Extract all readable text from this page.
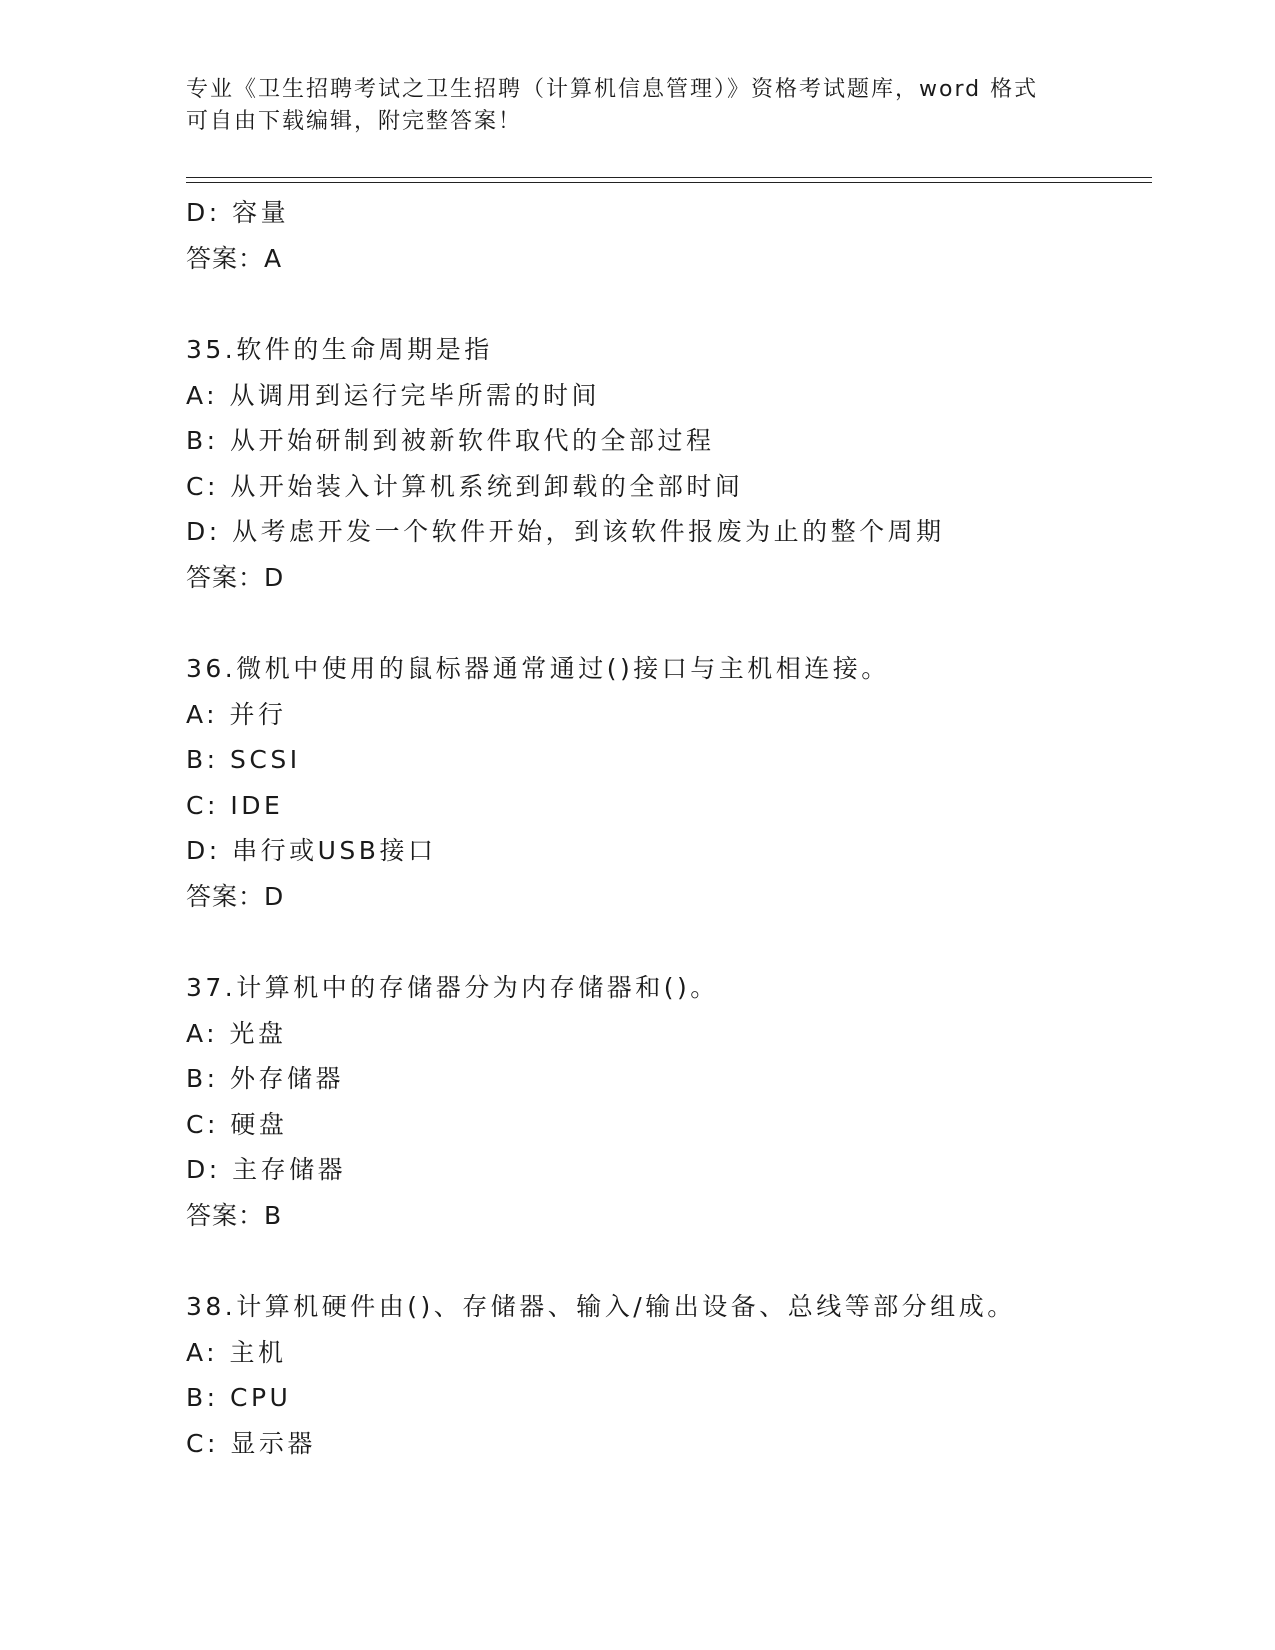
专业《卫生招聘考试之卫生招聘（计算机信息管理）》资格考试题库，word 格式
可自由下载编辑，附完整答案！
D: 容量
答案：A
35.软件的生命周期是指
A: 从调用到运行完毕所需的时间
B: 从开始研制到被新软件取代的全部过程
C: 从开始装入计算机系统到卸载的全部时间
D: 从考虑开发一个软件开始，到该软件报废为止的整个周期
答案：D
36.微机中使用的鼠标器通常通过()接口与主机相连接。
A: 并行
B: SCSI
C: IDE
D: 串行或USB接口
答案：D
37.计算机中的存储器分为内存储器和()。
A: 光盘
B: 外存储器
C: 硬盘
D: 主存储器
答案：B
38.计算机硬件由()、存储器、输入/输出设备、总线等部分组成。
A: 主机
B: CPU
C: 显示器
